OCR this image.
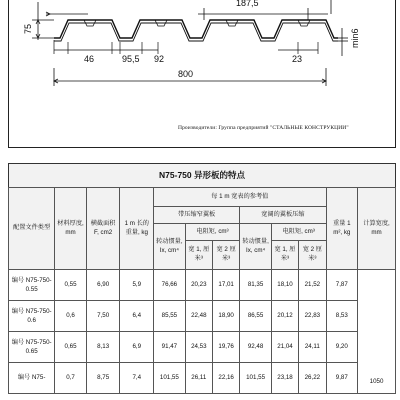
187,5
75
46	95,5 92	23
800
min6
Производители: Группа предприятий "СТАЛЬНЫЕ КОНСТРУКЦИИ"
N75-750 异形板的特点
配置文件类型	材料厚度, mm	横截面积 F, cm2	1 m 长的重量, kg	每 1 m 宽表的参考值						重量 1 m², kg	计算宽度, mm
				带压缩窄翼板			宽阔的翼板压缩				
				转动惯量, Ix, cm⁴	电阻矩, cm³		转动惯量, Ix, cm⁴	电阻矩, cm³			
					宽 1, 厘米³	宽 2 厘米³		宽 1, 厘米³	宽 2 厘米³		
编号 N75-750-0.55	0,55	6,90	5,9	76,66	20,23	17,01	81,35	18,10	21,52	7,87	1050
编号 N75-750-0.6	0,6	7,50	6,4	85,55	22,48	18,90	86,55	20,12	22,83	8,53	
编号 N75-750-0.65	0,65	8,13	6,9	91,47	24,53	19,76	92,48	21,04	24,11	9,20	
编号 N75-	0,7	8,75	7,4	101,55	26,11	22,16	101,55	23,18	26,22	9,87	
